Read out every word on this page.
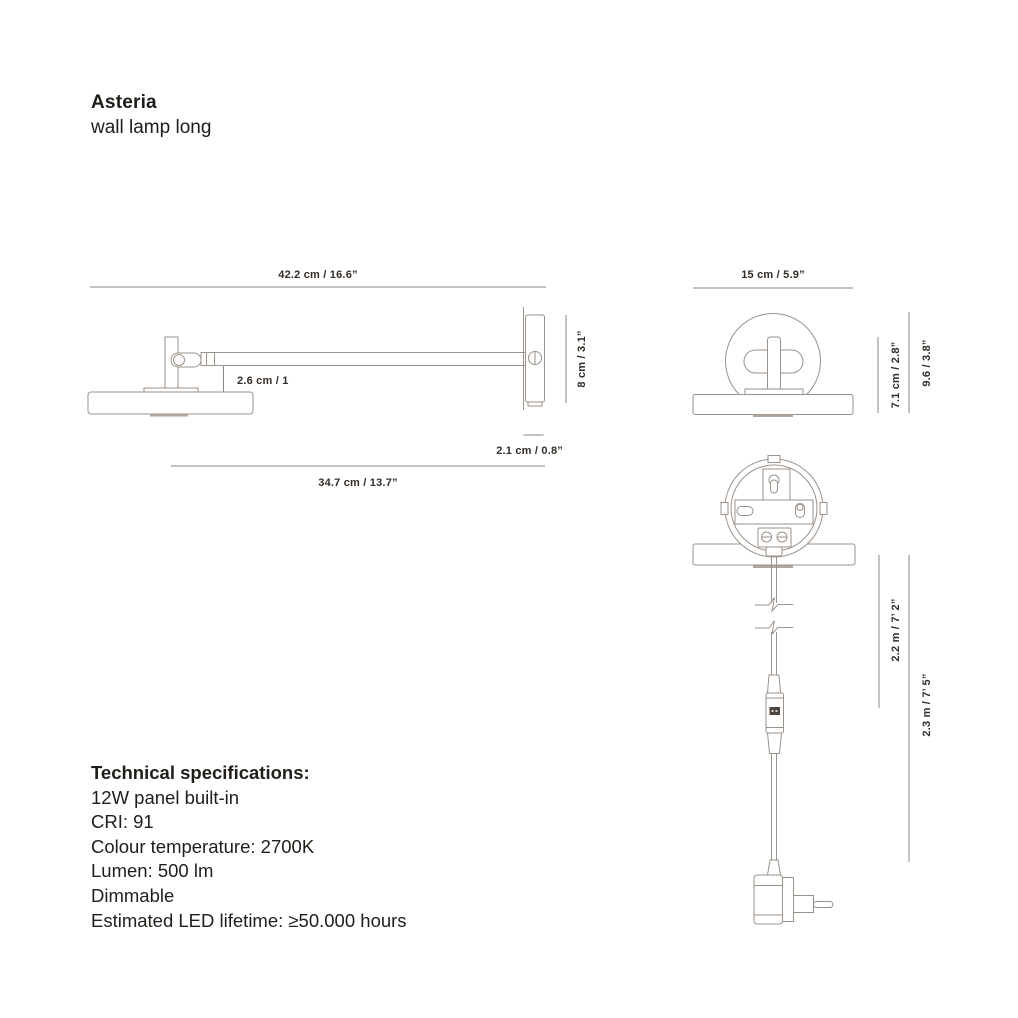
Asteria
wall lamp long
42.2 cm / 16.6”
2.6 cm / 1	8 cm / 3.1”
2.1 cm / 0.8”
34.7 cm / 13.7”
15 cm / 5.9”
7.1 cm / 2.8” 9.6 / 3.8”
2.2 m / 7’ 2”
2.3 m / 7’ 5”
Technical specifications:
12W panel built-in
CRI: 91
Colour temperature: 2700K
Lumen: 500 lm
Dimmable
Estimated LED lifetime: ≥50.000 hours
